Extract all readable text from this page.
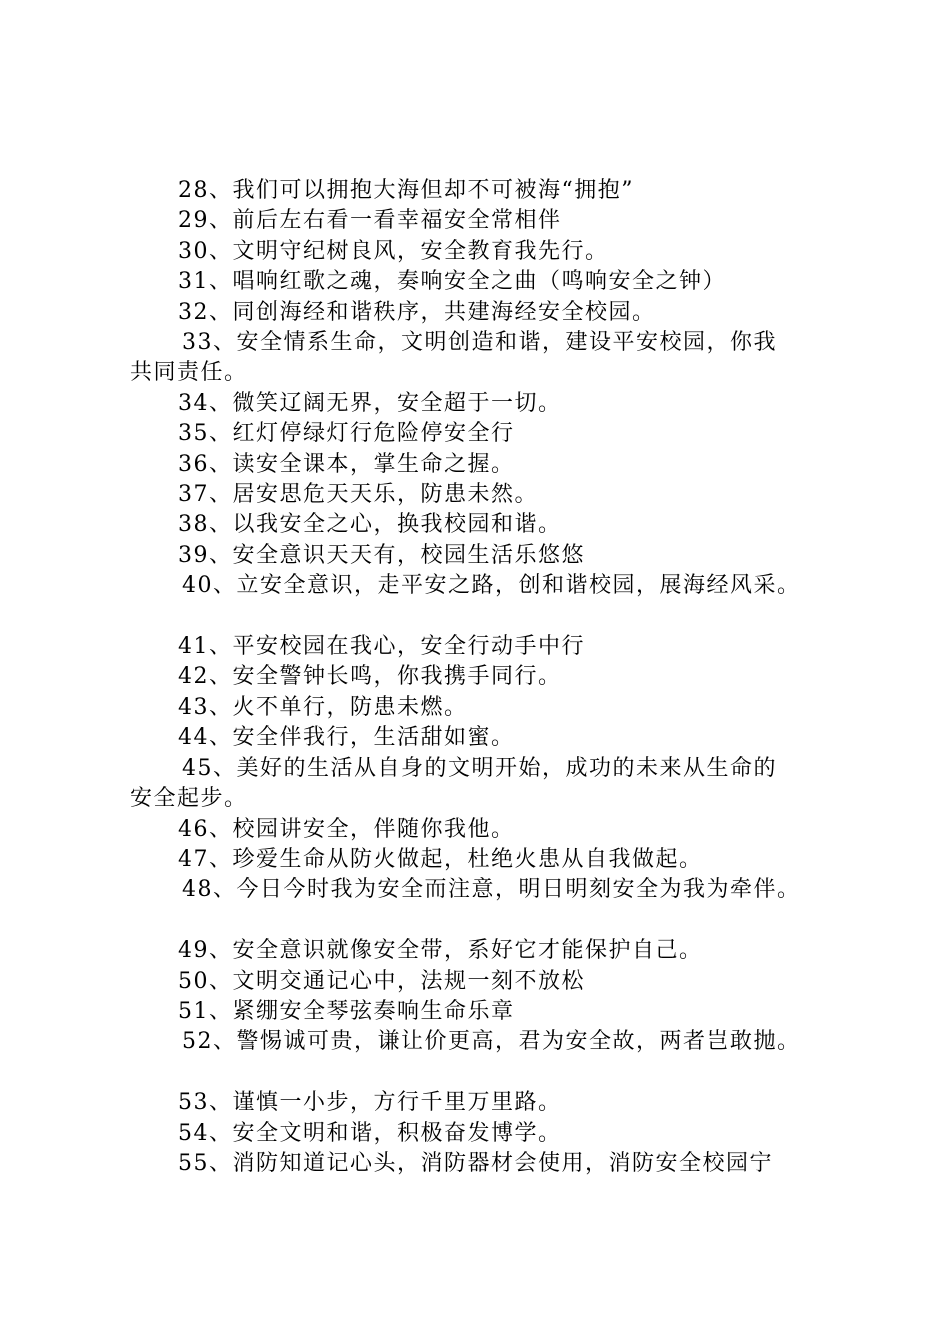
28、我们可以拥抱大海但却不可被海“拥抱”
29、前后左右看一看幸福安全常相伴
30、文明守纪树良风，安全教育我先行。
31、唱响红歌之魂，奏响安全之曲（鸣响安全之钟）
32、同创海经和谐秩序，共建海经安全校园。
33、安全情系生命，文明创造和谐，建设平安校园，你我
共同责任。
34、微笑辽阔无界，安全超于一切。
35、红灯停绿灯行危险停安全行
36、读安全课本，掌生命之握。
37、居安思危天天乐，防患未然。
38、以我安全之心，换我校园和谐。
39、安全意识天天有，校园生活乐悠悠
40、立安全意识，走平安之路，创和谐校园，展海经风采。
41、平安校园在我心，安全行动手中行
42、安全警钟长鸣，你我携手同行。
43、火不单行，防患未燃。
44、安全伴我行，生活甜如蜜。
45、美好的生活从自身的文明开始，成功的未来从生命的
安全起步。
46、校园讲安全，伴随你我他。
47、珍爱生命从防火做起，杜绝火患从自我做起。
48、今日今时我为安全而注意，明日明刻安全为我为牵伴。
49、安全意识就像安全带，系好它才能保护自己。
50、文明交通记心中，法规一刻不放松
51、紧绷安全琴弦奏响生命乐章
52、警惕诚可贵，谦让价更高，君为安全故，两者岂敢抛。
53、谨慎一小步，方行千里万里路。
54、安全文明和谐，积极奋发博学。
55、消防知道记心头，消防器材会使用，消防安全校园宁
